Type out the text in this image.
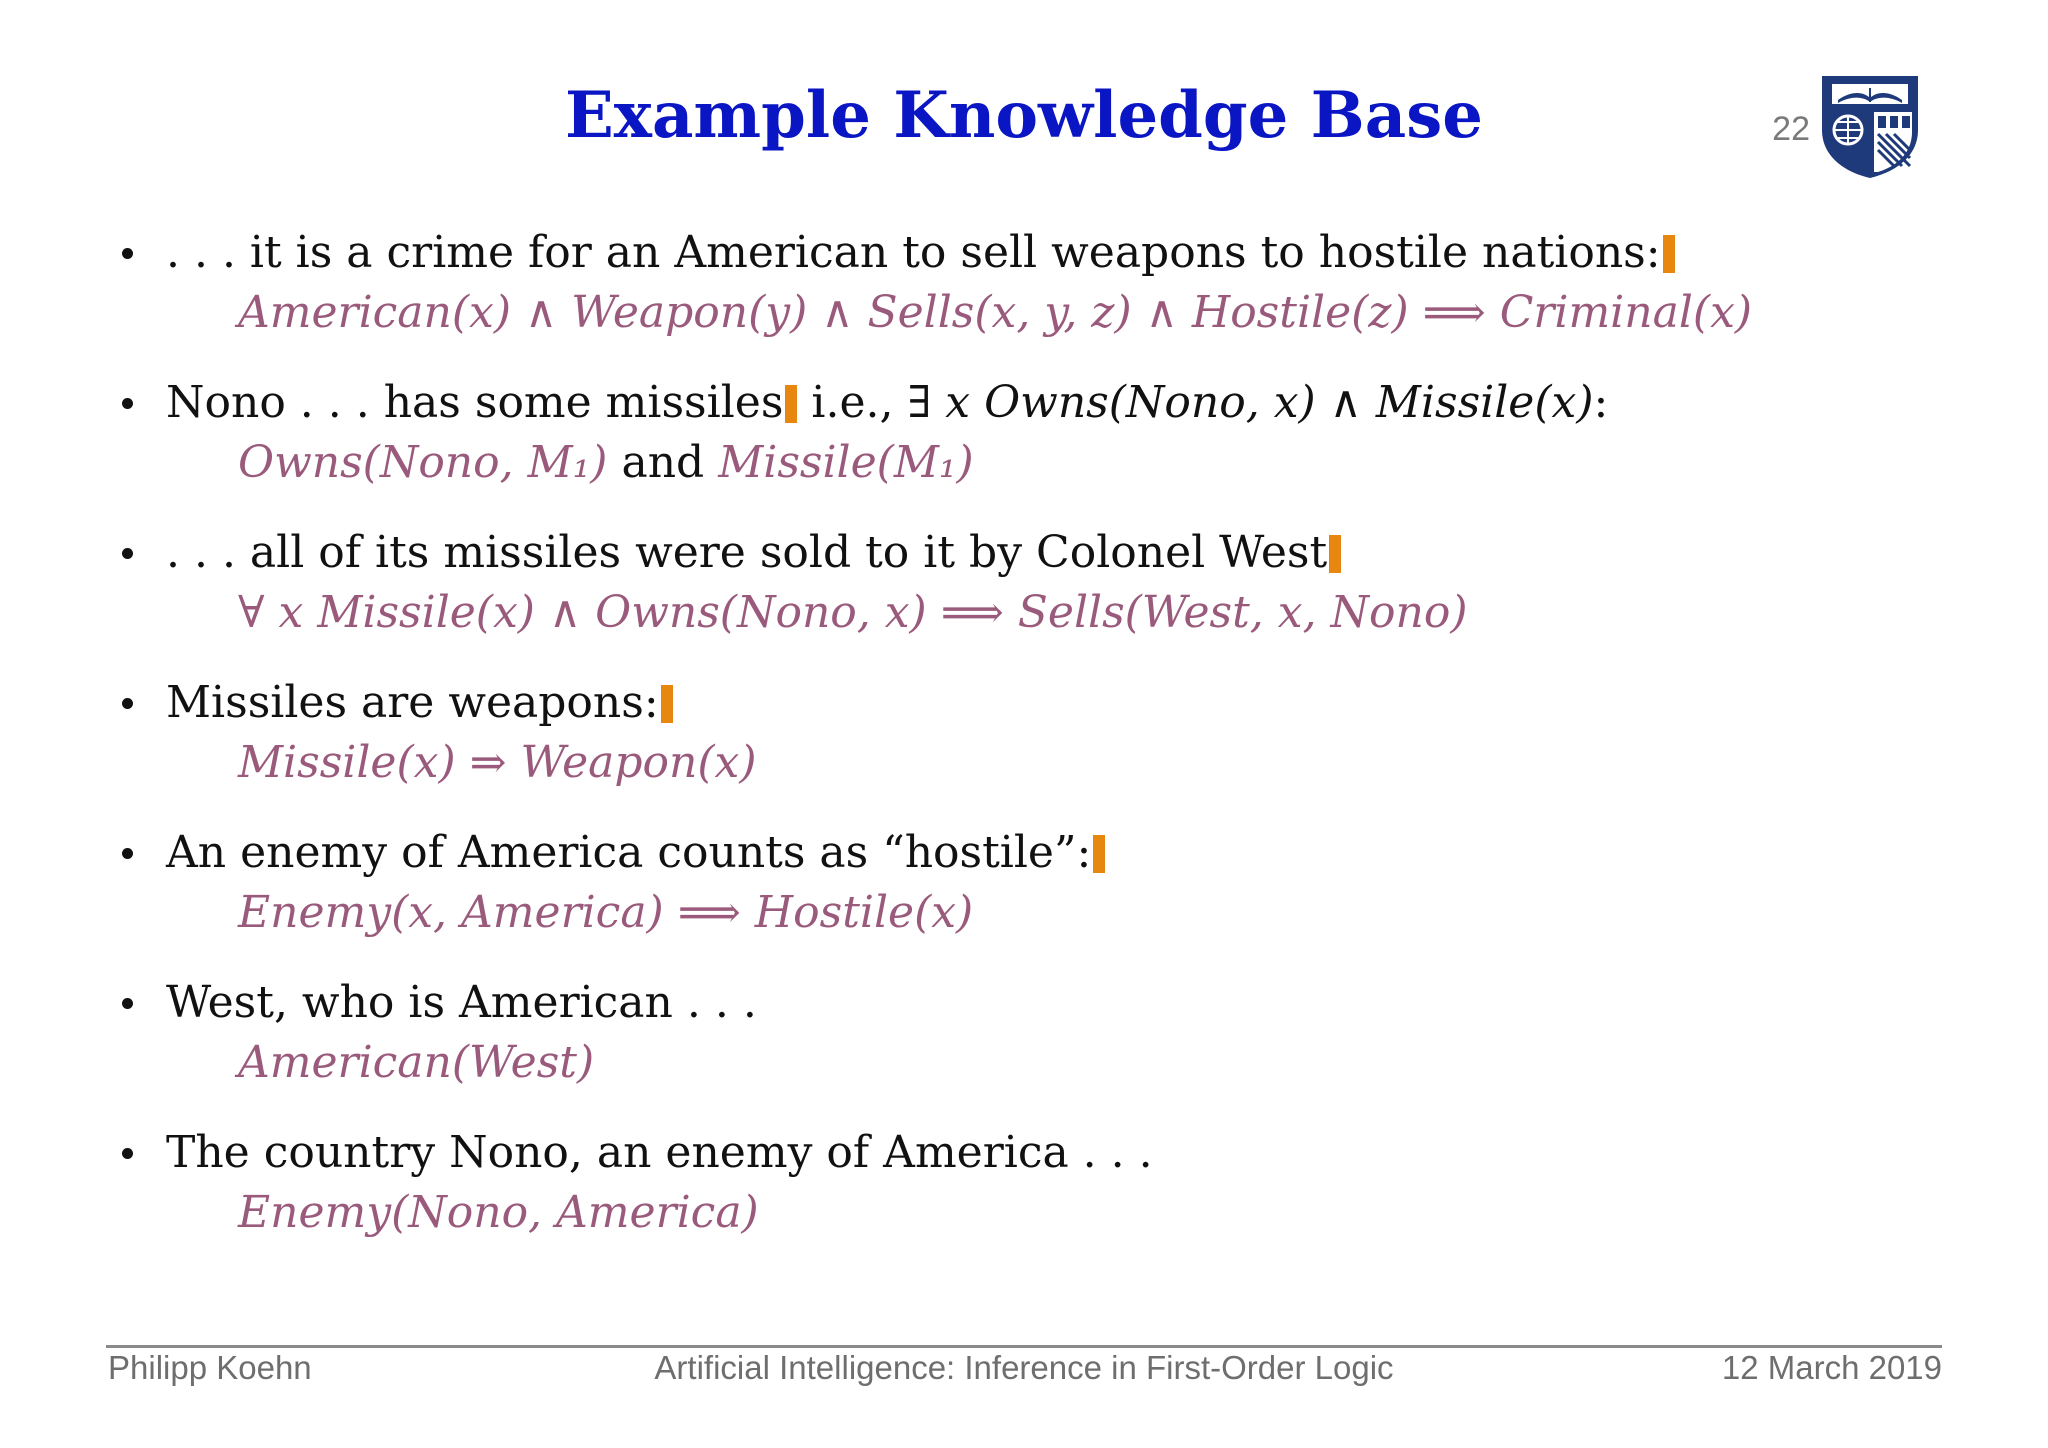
Example Knowledge Base	22
. . . it is a crime for an American to sell weapons to hostile nations:
American(x) ∧ Weapon(y) ∧ Sells(x, y, z) ∧ Hostile(z) ⟹ Criminal(x)
Nono . . . has some missiles i.e., ∃ x Owns(Nono, x) ∧ Missile(x):
Owns(Nono, M₁) and Missile(M₁)
. . . all of its missiles were sold to it by Colonel West
∀ x Missile(x) ∧ Owns(Nono, x) ⟹ Sells(West, x, Nono)
Missiles are weapons:
Missile(x) ⇒ Weapon(x)
An enemy of America counts as “hostile”:
Enemy(x, America) ⟹ Hostile(x)
West, who is American . . .
American(West)
The country Nono, an enemy of America . . .
Enemy(Nono, America)
Philipp Koehn	Artificial Intelligence: Inference in First-Order Logic	12 March 2019
